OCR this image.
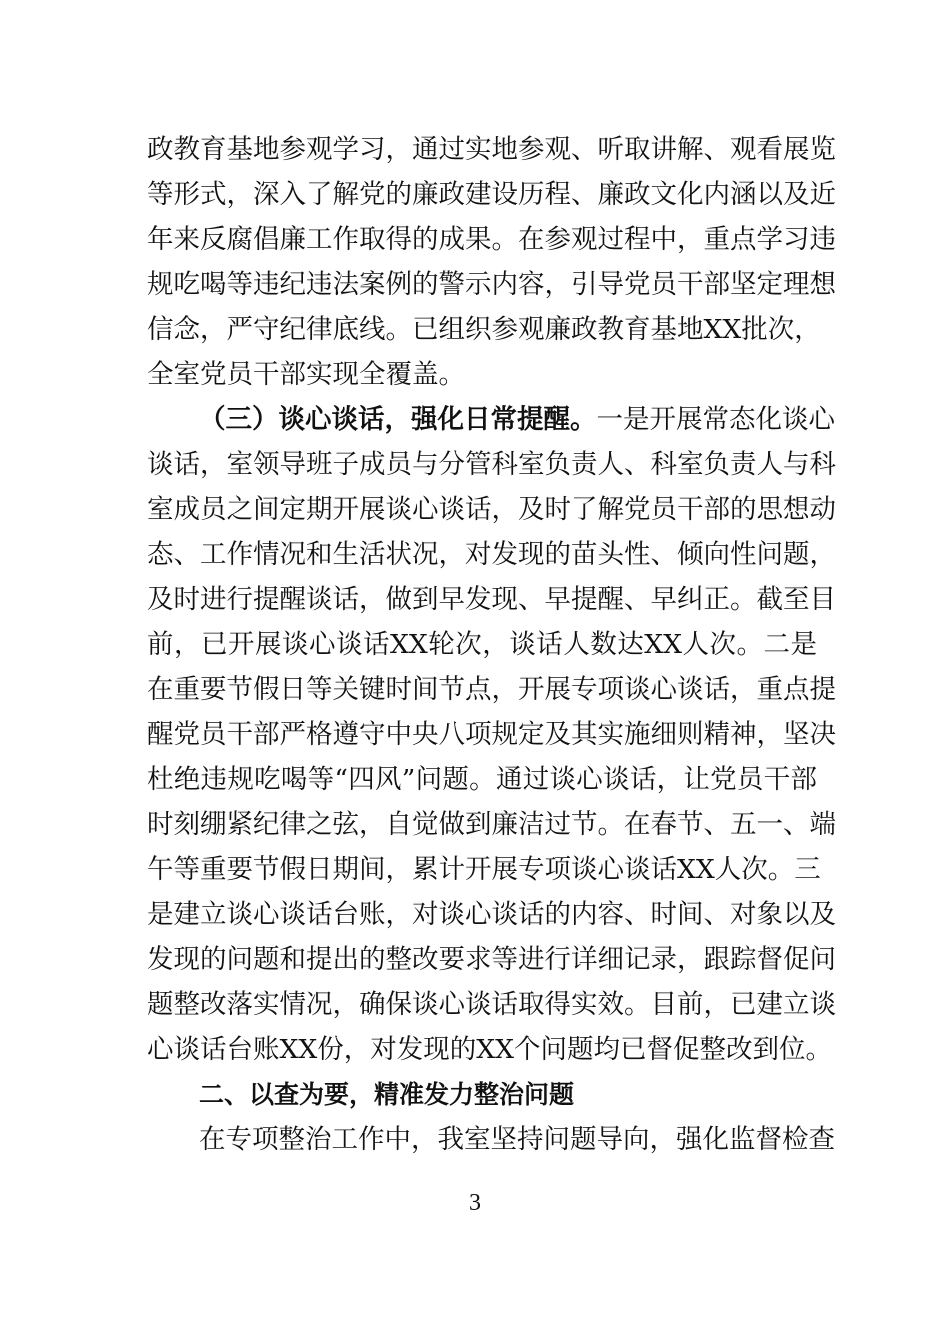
政教育基地参观学习，通过实地参观、听取讲解、观看展览
等形式，深入了解党的廉政建设历程、廉政文化内涵以及近
年来反腐倡廉工作取得的成果。在参观过程中，重点学习违
规吃喝等违纪违法案例的警示内容，引导党员干部坚定理想
信念，严守纪律底线。已组织参观廉政教育基地XX批次，
全室党员干部实现全覆盖。
（三）谈心谈话，强化日常提醒。一是开展常态化谈心
谈话，室领导班子成员与分管科室负责人、科室负责人与科
室成员之间定期开展谈心谈话，及时了解党员干部的思想动
态、工作情况和生活状况，对发现的苗头性、倾向性问题，
及时进行提醒谈话，做到早发现、早提醒、早纠正。截至目
前，已开展谈心谈话XX轮次，谈话人数达XX人次。二是
在重要节假日等关键时间节点，开展专项谈心谈话，重点提
醒党员干部严格遵守中央八项规定及其实施细则精神，坚决
杜绝违规吃喝等“四风”问题。通过谈心谈话，让党员干部
时刻绷紧纪律之弦，自觉做到廉洁过节。在春节、五一、端
午等重要节假日期间，累计开展专项谈心谈话XX人次。三
是建立谈心谈话台账，对谈心谈话的内容、时间、对象以及
发现的问题和提出的整改要求等进行详细记录，跟踪督促问
题整改落实情况，确保谈心谈话取得实效。目前，已建立谈
心谈话台账XX份，对发现的XX个问题均已督促整改到位。
二、以查为要，精准发力整治问题
在专项整治工作中，我室坚持问题导向，强化监督检查
3
